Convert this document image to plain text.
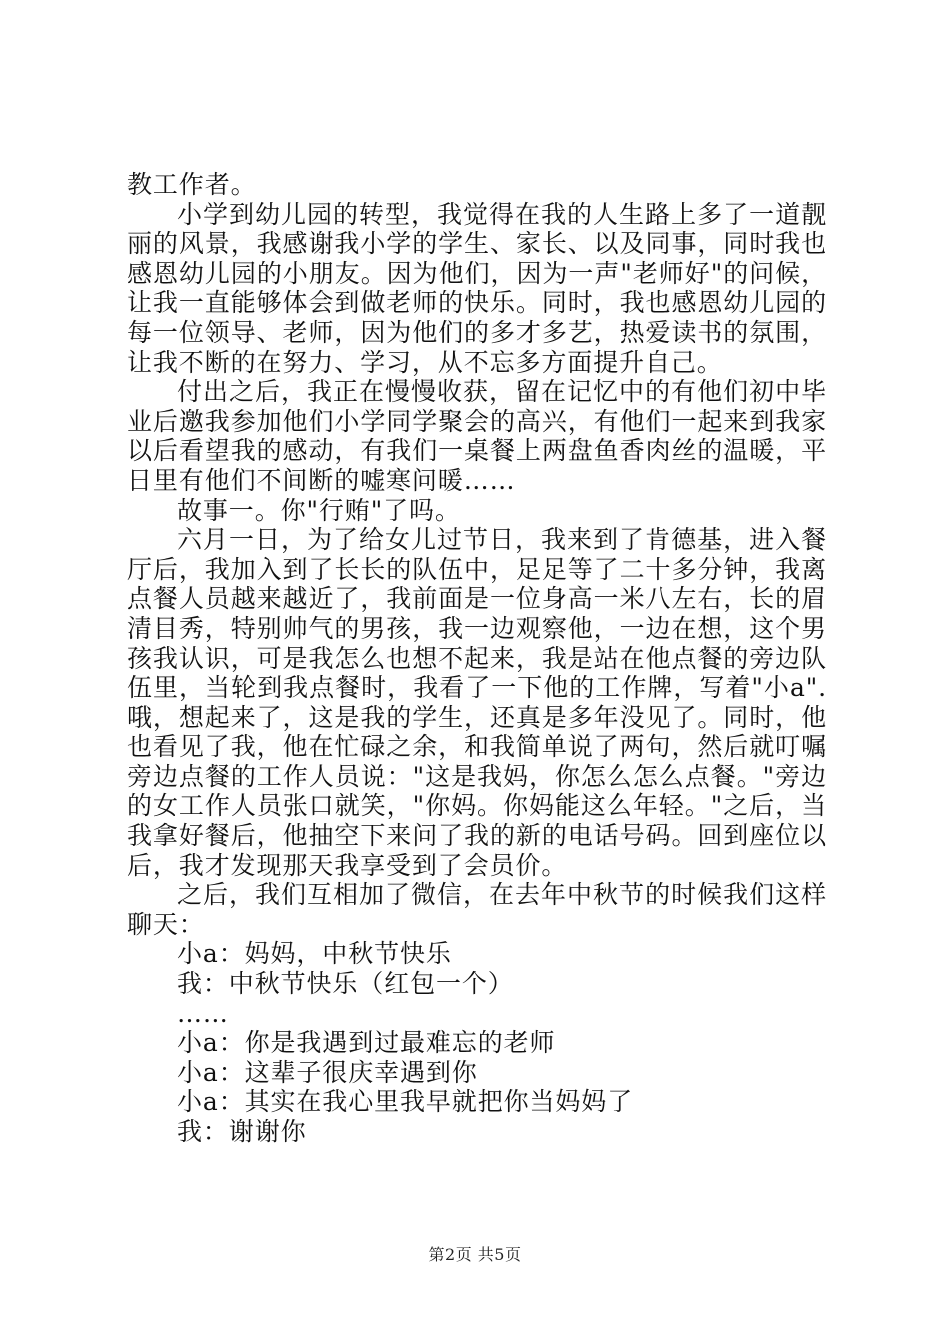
教工作者。

小学到幼儿园的转型，我觉得在我的人生路上多了一道靓丽的风景，我感谢我小学的学生、家长、以及同事，同时我也感恩幼儿园的小朋友。因为他们，因为一声"老师好"的问候，让我一直能够体会到做老师的快乐。同时，我也感恩幼儿园的每一位领导、老师，因为他们的多才多艺，热爱读书的氛围，让我不断的在努力、学习，从不忘多方面提升自己。

付出之后，我正在慢慢收获，留在记忆中的有他们初中毕业后邀我参加他们小学同学聚会的高兴，有他们一起来到我家以后看望我的感动，有我们一桌餐上两盘鱼香肉丝的温暖，平日里有他们不间断的嘘寒问暖……

故事一。你"行贿"了吗。

六月一日，为了给女儿过节日，我来到了肯德基，进入餐厅后，我加入到了长长的队伍中，足足等了二十多分钟，我离点餐人员越来越近了，我前面是一位身高一米八左右，长的眉清目秀，特别帅气的男孩，我一边观察他，一边在想，这个男孩我认识，可是我怎么也想不起来，我是站在他点餐的旁边队伍里，当轮到我点餐时，我看了一下他的工作牌，写着"小a".哦，想起来了，这是我的学生，还真是多年没见了。同时，他也看见了我，他在忙碌之余，和我简单说了两句，然后就叮嘱旁边点餐的工作人员说："这是我妈，你怎么怎么点餐。"旁边的女工作人员张口就笑，"你妈。你妈能这么年轻。"之后，当我拿好餐后，他抽空下来问了我的新的电话号码。回到座位以后，我才发现那天我享受到了会员价。

之后，我们互相加了微信，在去年中秋节的时候我们这样聊天：

小a：妈妈，中秋节快乐

我：中秋节快乐（红包一个）

……

小a：你是我遇到过最难忘的老师

小a：这辈子很庆幸遇到你

小a：其实在我心里我早就把你当妈妈了

我：谢谢你

第2页 共5页
